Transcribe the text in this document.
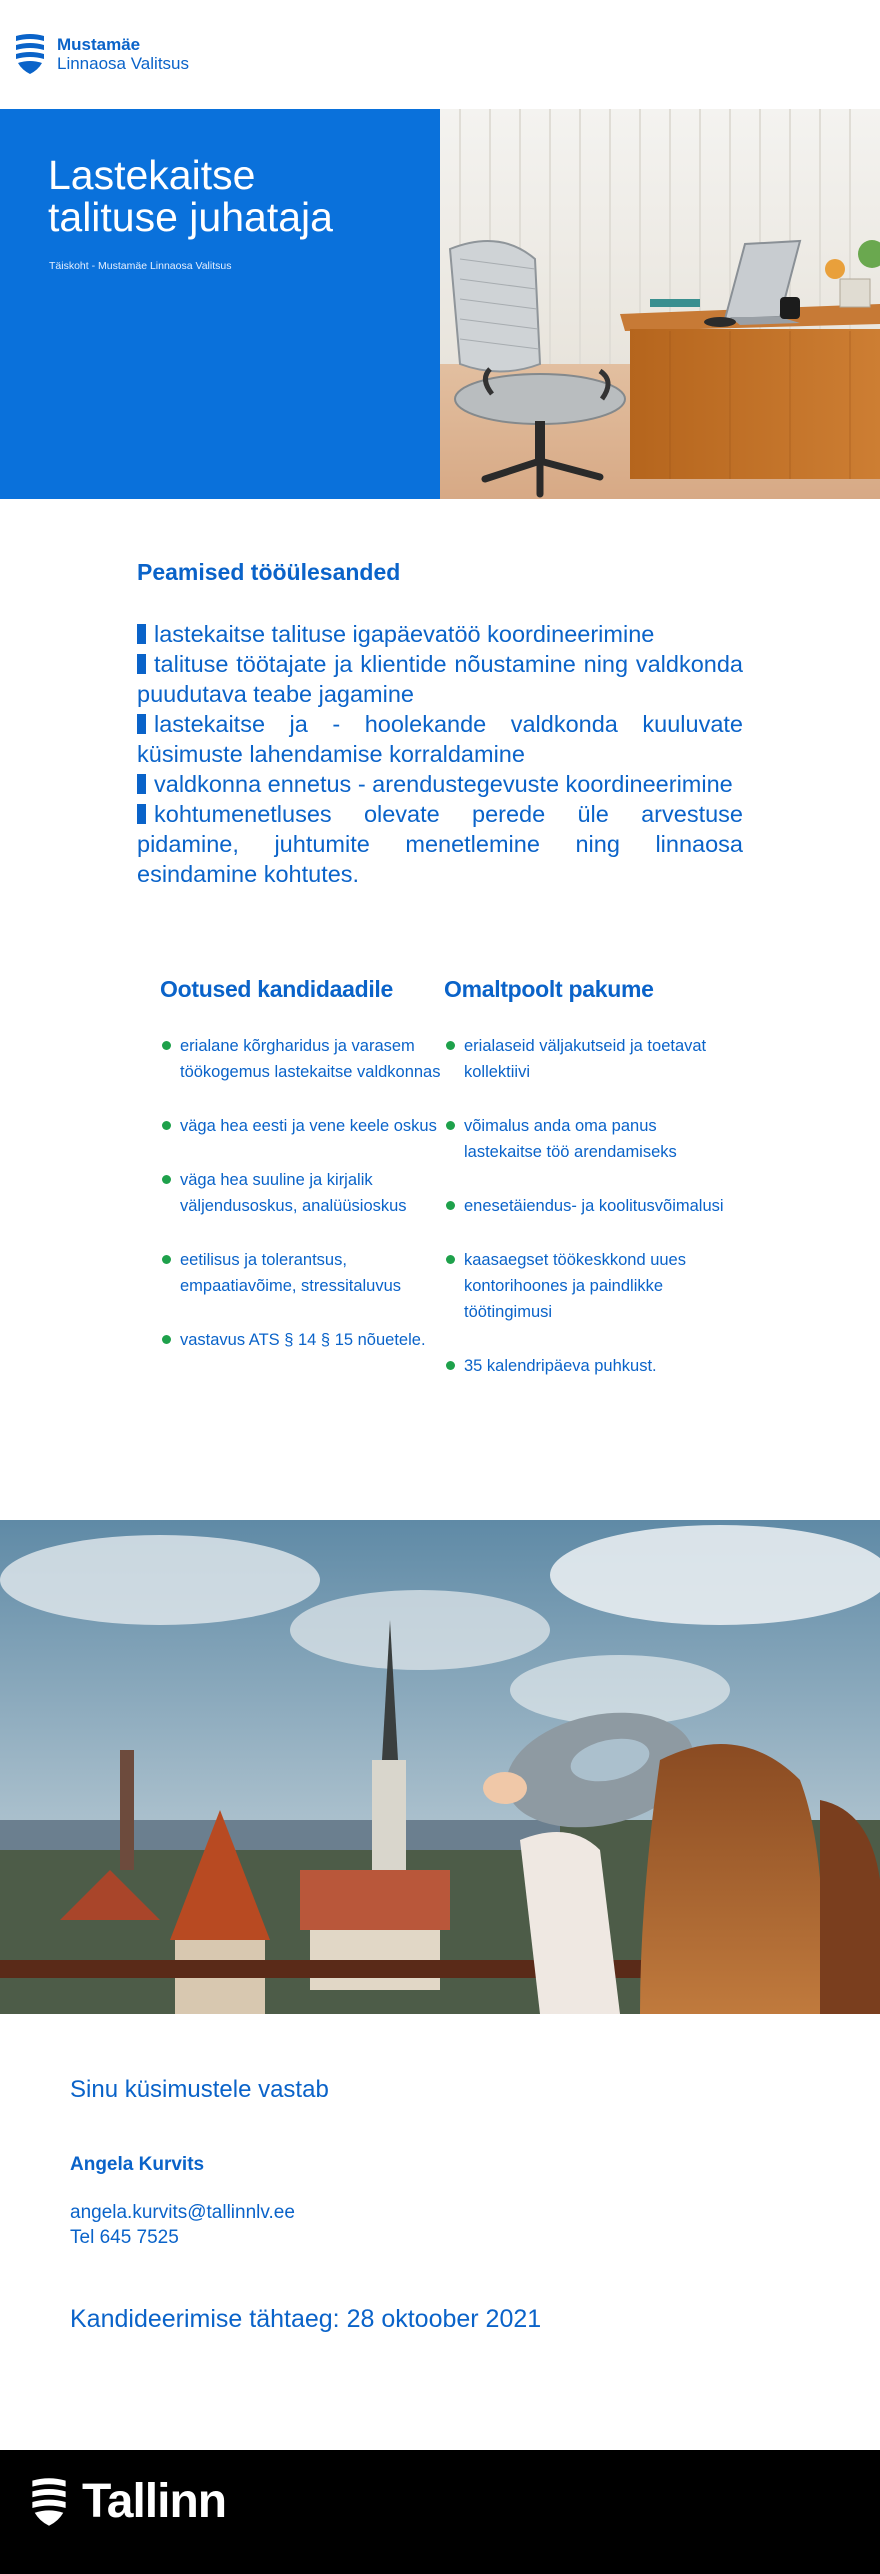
Mustamäe
Linnaosa Valitsus
Lastekaitse
talituse juhataja
Täiskoht - Mustamäe Linnaosa Valitsus
Peamised tööülesanded
lastekaitse talituse igapäevatöö koordineerimine
talituse töötajate ja klientide nõustamine ning valdkonda puudutava teabe jagamine
lastekaitse ja - hoolekande valdkonda kuuluvate küsimuste lahendamise korraldamine
valdkonna ennetus - arendustegevuste koordineerimine
kohtumenetluses olevate perede üle arvestuse pidamine, juhtumite menetlemine ning linnaosa esindamine kohtutes.
Ootused kandidaadile
erialane kõrgharidus ja varasem töökogemus lastekaitse valdkonnas
väga hea eesti ja vene keele oskus
väga hea suuline ja kirjalik väljendusoskus, analüüsioskus
eetilisus ja tolerantsus, empaatiavõime, stressitaluvus
vastavus ATS § 14 § 15 nõuetele.
Omaltpoolt pakume
erialaseid väljakutseid ja toetavat kollektiivi
võimalus anda oma panus lastekaitse töö arendamiseks
enesetäiendus- ja koolitusvõimalusi
kaasaegset töökeskkond uues kontorihoones ja paindlikke töötingimusi
35 kalendripäeva puhkust.
Sinu küsimustele vastab
Angela Kurvits
angela.kurvits@tallinnlv.ee
Tel 645 7525
Kandideerimise tähtaeg: 28 oktoober 2021
Tallinn
